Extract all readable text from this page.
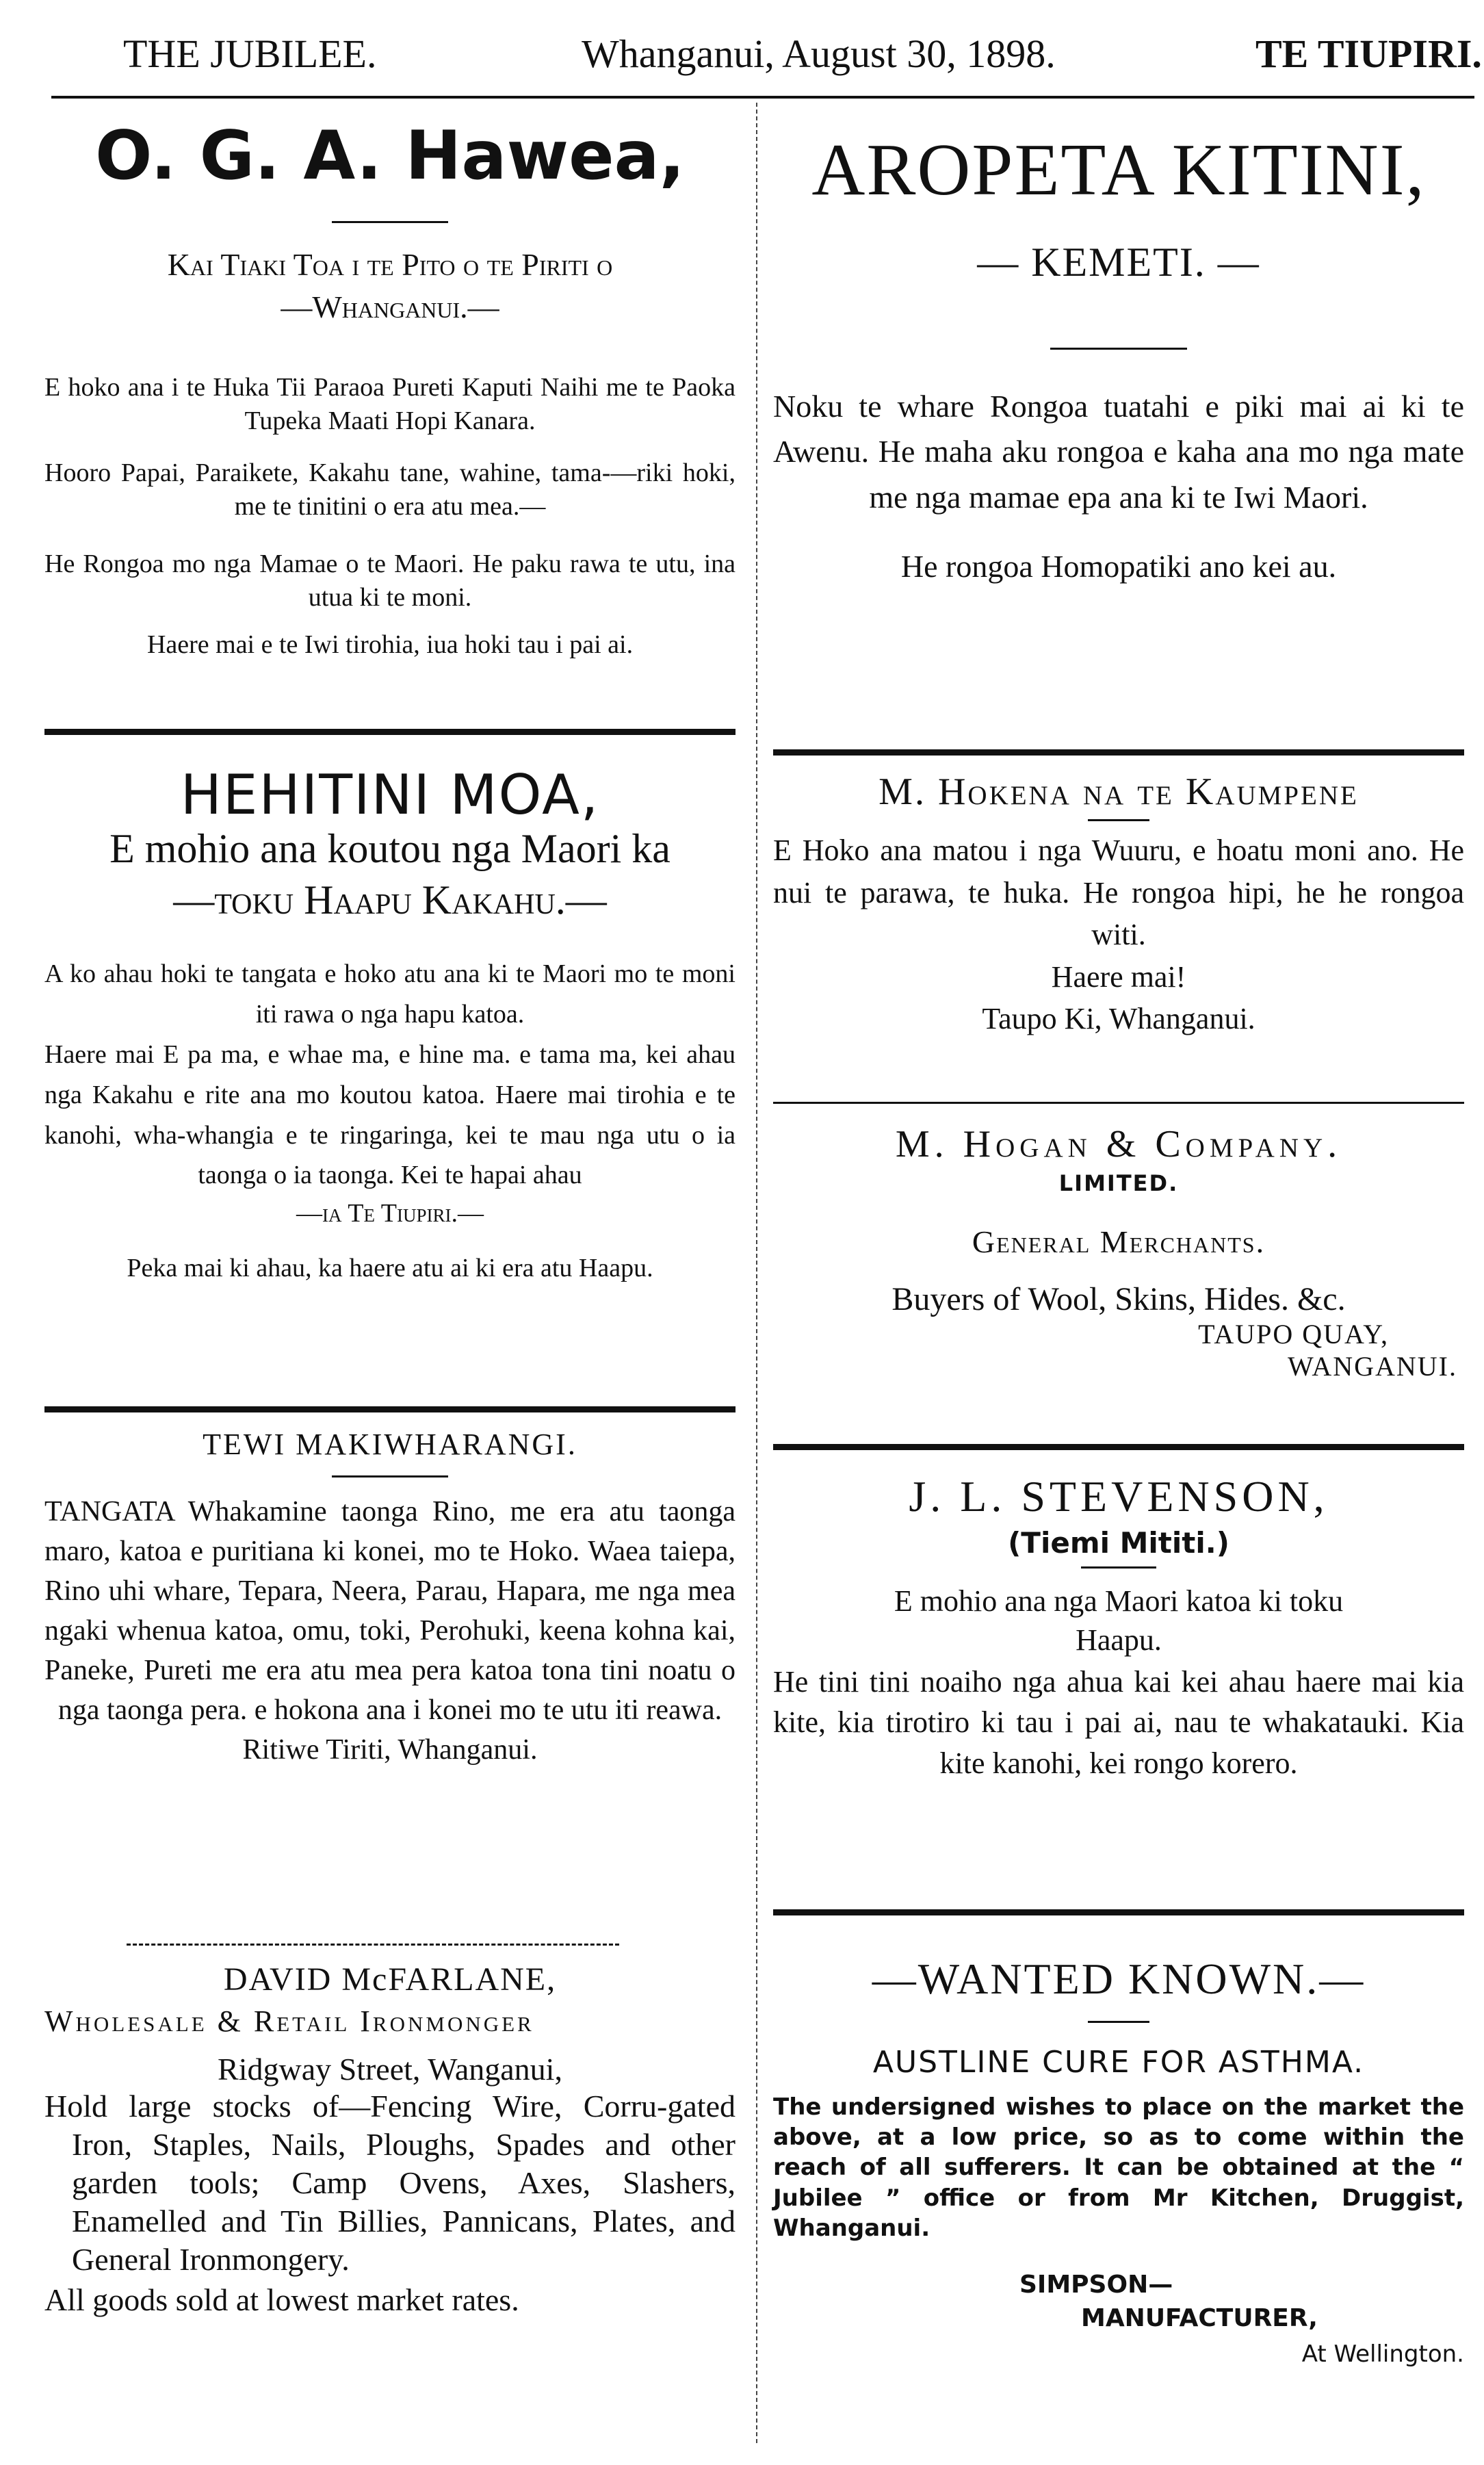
THE JUBILEE.	Whanganui, August 30, 1898.	TE TIUPIRI.
O. G. A. Hawea,
Kai Tiaki Toa i te Pito o te Piriti o
—Whanganui.—

E hoko ana i te Huka Tii Paraoa Pureti Kaputi Naihi me te Paoka Tupeka Maati Hopi Kanara.

Hooro Papai, Paraikete, Kakahu tane, wahine, tama-—riki hoki, me te tinitini o era atu mea.—

He Rongoa mo nga Mamae o te Maori. He paku rawa te utu, ina utua ki te moni.

Haere mai e te Iwi tirohia, iua hoki tau i pai ai.

HEHITINI MOA,
E mohio ana koutou nga Maori ka
—toku Haapu Kakahu.—

A ko ahau hoki te tangata e hoko atu ana ki te Maori mo te moni iti rawa o nga hapu katoa.

Haere mai E pa ma, e whae ma, e hine ma. e tama ma, kei ahau nga Kakahu e rite ana mo koutou katoa. Haere mai tirohia e te kanohi, wha-whangia e te ringaringa, kei te mau nga utu o ia taonga o ia taonga. Kei te hapai ahau

—ia Te Tiupiri.—

Peka mai ki ahau, ka haere atu ai ki era atu Haapu.

TEWI MAKIWHARANGI.

TANGATA Whakamine taonga Rino, me era atu taonga maro, katoa e puritiana ki konei, mo te Hoko. Waea taiepa, Rino uhi whare, Tepara, Neera, Parau, Hapara, me nga mea ngaki whenua katoa, omu, toki, Perohuki, keena kohna kai, Paneke, Pureti me era atu mea pera katoa tona tini noatu o nga taonga pera. e hokona ana i konei mo te utu iti reawa.

Ritiwe Tiriti, Whanganui.

DAVID McFARLANE,
Wholesale & Retail Ironmonger
Ridgway Street, Wanganui,

Hold large stocks of—Fencing Wire, Corru-gated Iron, Staples, Nails, Ploughs, Spades and other garden tools; Camp Ovens, Axes, Slashers, Enamelled and Tin Billies, Pannicans, Plates, and General Ironmongery.

All goods sold at lowest market rates.

AROPETA KITINI,
— KEMETI. —

Noku te whare Rongoa tuatahi e piki mai ai ki te Awenu. He maha aku rongoa e kaha ana mo nga mate me nga mamae epa ana ki te Iwi Maori.

He rongoa Homopatiki ano kei au.

M. Hokena na te Kaumpene

E Hoko ana matou i nga Wuuru, e hoatu moni ano. He nui te parawa, te huka. He rongoa hipi, he he rongoa witi.

Haere mai!

Taupo Ki, Whanganui.

M. Hogan & Company.
LIMITED.
General Merchants.
Buyers of Wool, Skins, Hides. &c.
TAUPO QUAY,
WANGANUI.
J. L. STEVENSON,
(Tiemi Mititi.)
E mohio ana nga Maori katoa ki toku
Haapu.

He tini tini noaiho nga ahua kai kei ahau haere mai kia kite, kia tirotiro ki tau i pai ai, nau te whakatauki. Kia kite kanohi, kei rongo korero.

—WANTED KNOWN.—
AUSTLINE CURE FOR ASTHMA.

The undersigned wishes to place on the market the above, at a low price, so as to come within the reach of all sufferers. It can be obtained at the “ Jubilee ” office or from Mr Kitchen, Druggist, Whanganui.

SIMPSON—
MANUFACTURER,
At Wellington.
